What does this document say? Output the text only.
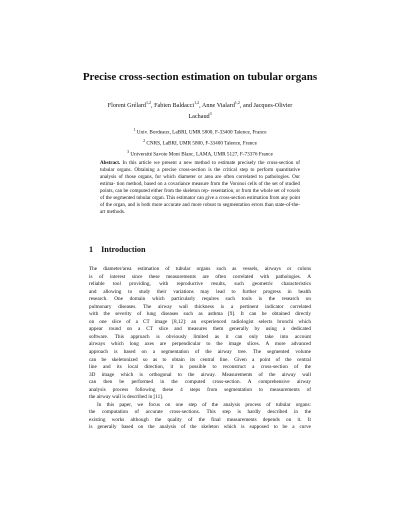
Precise cross-section estimation on tubular organs
Florent Grélard$^{1,2}$, Fabien Baldacci$^{1,2}$, Anne Vialard$^{1,2}$, and Jacques-Olivier
Lachaud$^3$
$^1$ Univ. Bordeaux, LaBRI, UMR 5800, F-33400 Talence, France
$^2$ CNRS, LaBRI, UMR 5800, F-33400 Talence, France
$^3$ Université Savoie Mont Blanc, LAMA, UMR 5127, F-73376 France
Abstract. In this article we present a new method to estimate precisely the cross-section of tubular organs. Obtaining a precise cross-section is the critical step to perform quantitative analysis of those organs, for which diameter or area are often correlated to pathologies. Our estima- tion method, based on a covariance measure from the Voronoi cells of the set of studied points, can be computed either from the skeleton rep- resentation, or from the whole set of voxels of the segmented tubular organ. This estimator can give a cross-section estimation from any point of the organ, and is both more accurate and more robust to segmentation errors than state-of-the-art methods.
1 Introduction
The diameter/area estimation of tubular organs such as vessels, airways or colons
is of interest since these measurements are often correlated with pathologies. A
reliable tool providing, with reproductive results, such geometric characteristics
and allowing to study their variations may lead to further progress in health
research. One domain which particularly requires such tools is the research on
pulmonary diseases. The airway wall thickness is a pertinent indicator correlated
with the severity of lung diseases such as asthma [9]. It can be obtained directly
on one slice of a CT image [8,12]: an experienced radiologist selects bronchi which
appear round on a CT slice and measures them generally by using a dedicated
software. This approach is obviously limited as it can only take into account
airways which long axes are perpendicular to the image slices. A more advanced
approach is based on a segmentation of the airway tree. The segmented volume
can be skeletonized so as to obtain its central line. Given a point of the central
line and its local direction, it is possible to reconstruct a cross-section of the
3D image which is orthogonal to the airway. Measurements of the airway wall
can then be performed in the computed cross-section. A comprehensive airway
analysis process following these 4 steps from segmentation to measurements of
the airway wall is described in [11].
In this paper, we focus on one step of the analysis process of tubular organs:
the computation of accurate cross-sections. This step is hardly described in the
existing works although the quality of the final measurements depends on it. It
is generally based on the analysis of the skeleton which is supposed to be a curve
